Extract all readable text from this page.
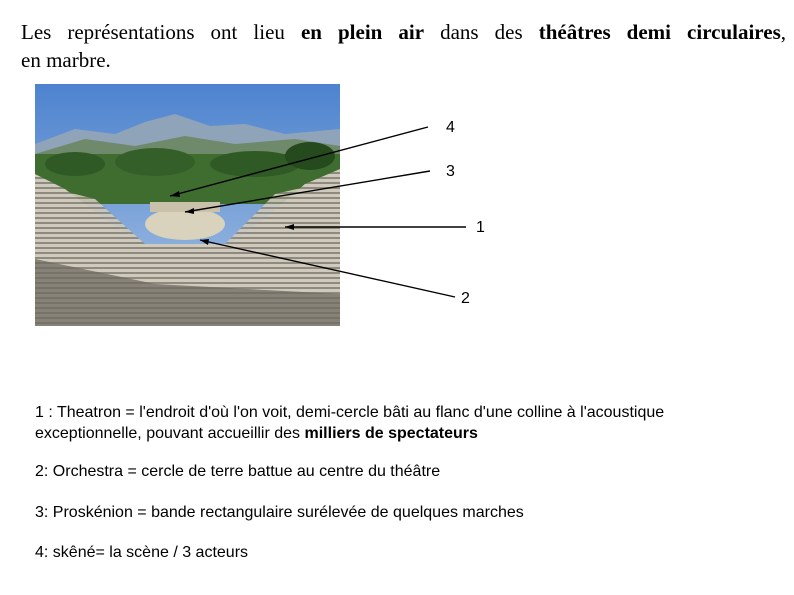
Les représentations ont lieu en plein air dans des théâtres demi circulaires,
en marbre.
4
3
1
2
1 : Theatron = l'endroit d'où l'on voit, demi-cercle bâti au flanc d'une colline à l'acoustique
exceptionnelle, pouvant accueillir des milliers de spectateurs
2: Orchestra = cercle de terre battue au centre du théâtre
3: Proskénion = bande rectangulaire surélevée de quelques marches
4: skêné= la scène / 3 acteurs
